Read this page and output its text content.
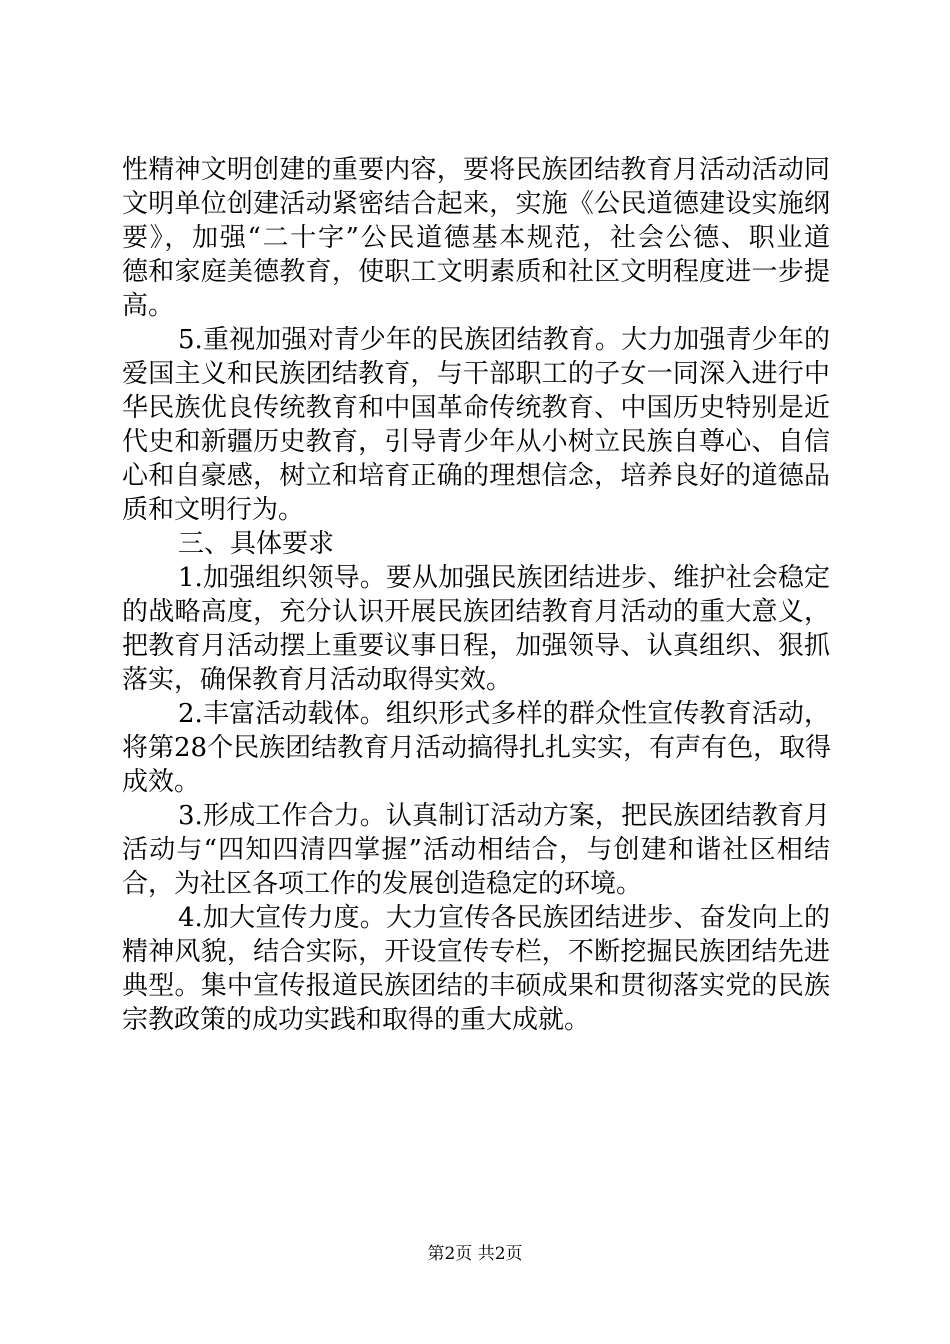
性精神文明创建的重要内容，要将民族团结教育月活动活动同
文明单位创建活动紧密结合起来，实施《公民道德建设实施纲
要》，加强“二十字”公民道德基本规范，社会公德、职业道
德和家庭美德教育，使职工文明素质和社区文明程度进一步提
高。
5.重视加强对青少年的民族团结教育。大力加强青少年的
爱国主义和民族团结教育，与干部职工的子女一同深入进行中
华民族优良传统教育和中国革命传统教育、中国历史特别是近
代史和新疆历史教育，引导青少年从小树立民族自尊心、自信
心和自豪感，树立和培育正确的理想信念，培养良好的道德品
质和文明行为。
三、具体要求
1.加强组织领导。要从加强民族团结进步、维护社会稳定
的战略高度，充分认识开展民族团结教育月活动的重大意义，
把教育月活动摆上重要议事日程，加强领导、认真组织、狠抓
落实，确保教育月活动取得实效。
2.丰富活动载体。组织形式多样的群众性宣传教育活动，
将第28个民族团结教育月活动搞得扎扎实实，有声有色，取得
成效。
3.形成工作合力。认真制订活动方案，把民族团结教育月
活动与“四知四清四掌握”活动相结合，与创建和谐社区相结
合，为社区各项工作的发展创造稳定的环境。
4.加大宣传力度。大力宣传各民族团结进步、奋发向上的
精神风貌，结合实际，开设宣传专栏，不断挖掘民族团结先进
典型。集中宣传报道民族团结的丰硕成果和贯彻落实党的民族
宗教政策的成功实践和取得的重大成就。
第2页 共2页
